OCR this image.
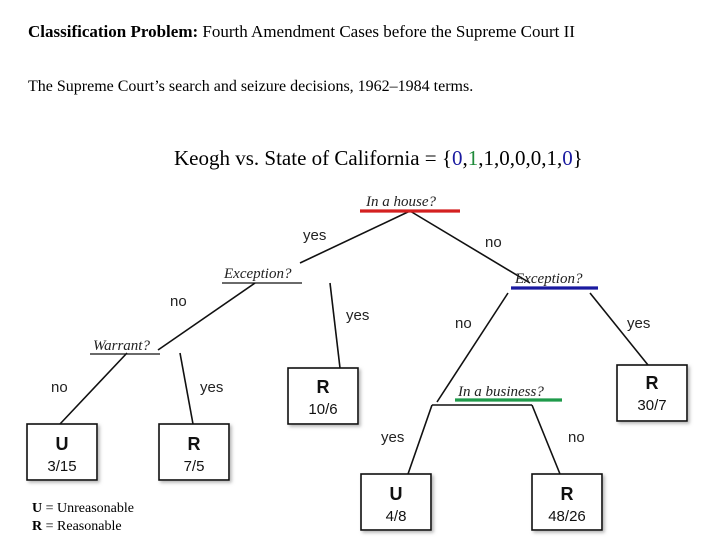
Classification Problem: Fourth Amendment Cases before the Supreme Court II
The Supreme Court’s search and seizure decisions, 1962–1984 terms.
Keogh vs. State of California = {0,1,1,0,0,0,1,0}
In a house?
Exception?	Exception?
Warrant?
In a business?
yes	no
no
yes	no	yes
no	yes
yes	no
U
3/15
R
7/5
R
10/6
R
30/7
U
4/8
R
48/26
U = Unreasonable
R = Reasonable
